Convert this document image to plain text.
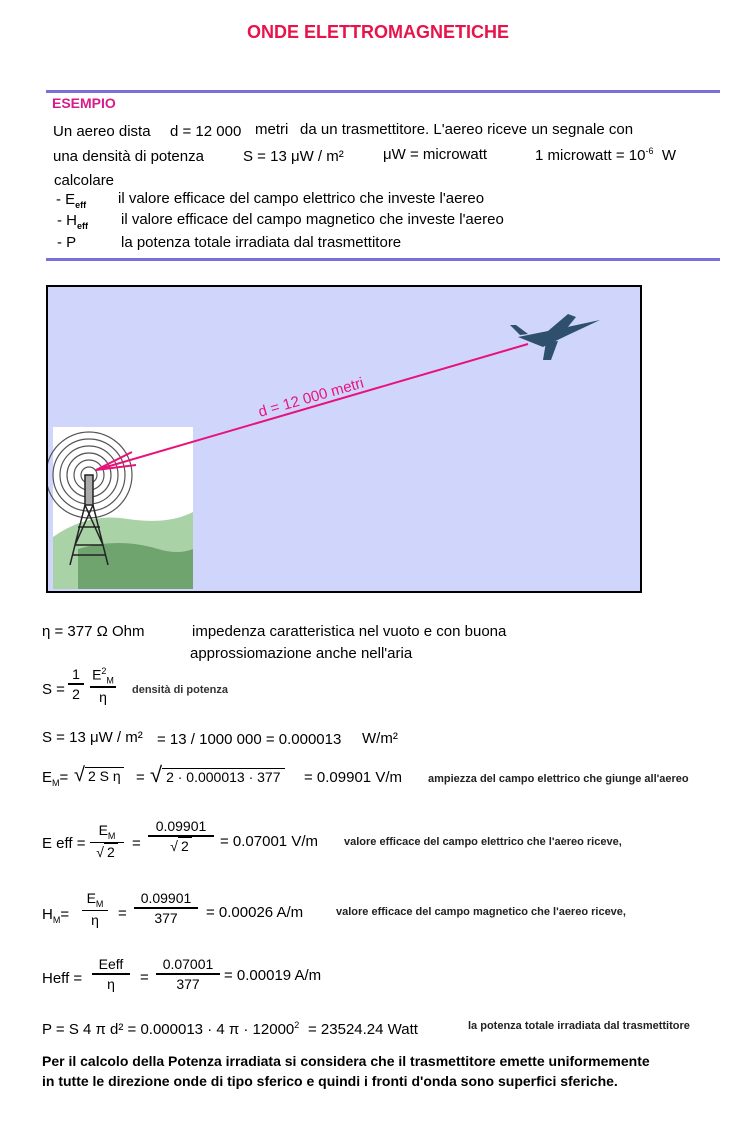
ONDE ELETTROMAGNETICHE
ESEMPIO
Un aereo dista d = 12 000 metri da un trasmettitore. L'aereo riceve un segnale con
una densità di potenza	S = 13 μW / m²	μW = microwatt	1 microwatt = $10^{-6}$ W
calcolare
- $E_{eff}$ il valore efficace del campo elettrico che investe l'aereo
- $H_{eff}$ il valore efficace del campo magnetico che investe l'aereo
- P	la potenza totale irradiata dal trasmettitore
d = 12 000 metri
η = 377 Ω Ohm	impedenza caratteristica nel vuoto e con buona
approssiomazione anche nell'aria
S =
1
2
$E^2_M$
η	densità di potenza
S = 13 μW / m² = 13 / 1000 000 = 0.000013 W/m²
$E_M=$ √ 2 S η = √ 2 · 0.000013 · 377 = 0.09901 V/m ampiezza del campo elettrico che giunge all'aereo
E eff =
$E_M$
√ 2
=
0.09901
√ 2	= 0.07001 V/m valore efficace del campo elettrico che l'aereo riceve,
$H_M=$
$E_M$
η	=
0.09901
377	= 0.00026 A/m	valore efficace del campo magnetico che l'aereo riceve,
Heff =
Eeff
η	=
0.07001
377	= 0.00019 A/m
P = S 4 π d² = 0.000013 · 4 $\pi \cdot 12000^2 = 23524.24$ Watt	la potenza totale irradiata dal trasmettitore
Per il calcolo della Potenza irradiata si considera che il trasmettitore emette uniformemente
in tutte le direzione onde di tipo sferico e quindi i fronti d'onda sono superfici sferiche.
